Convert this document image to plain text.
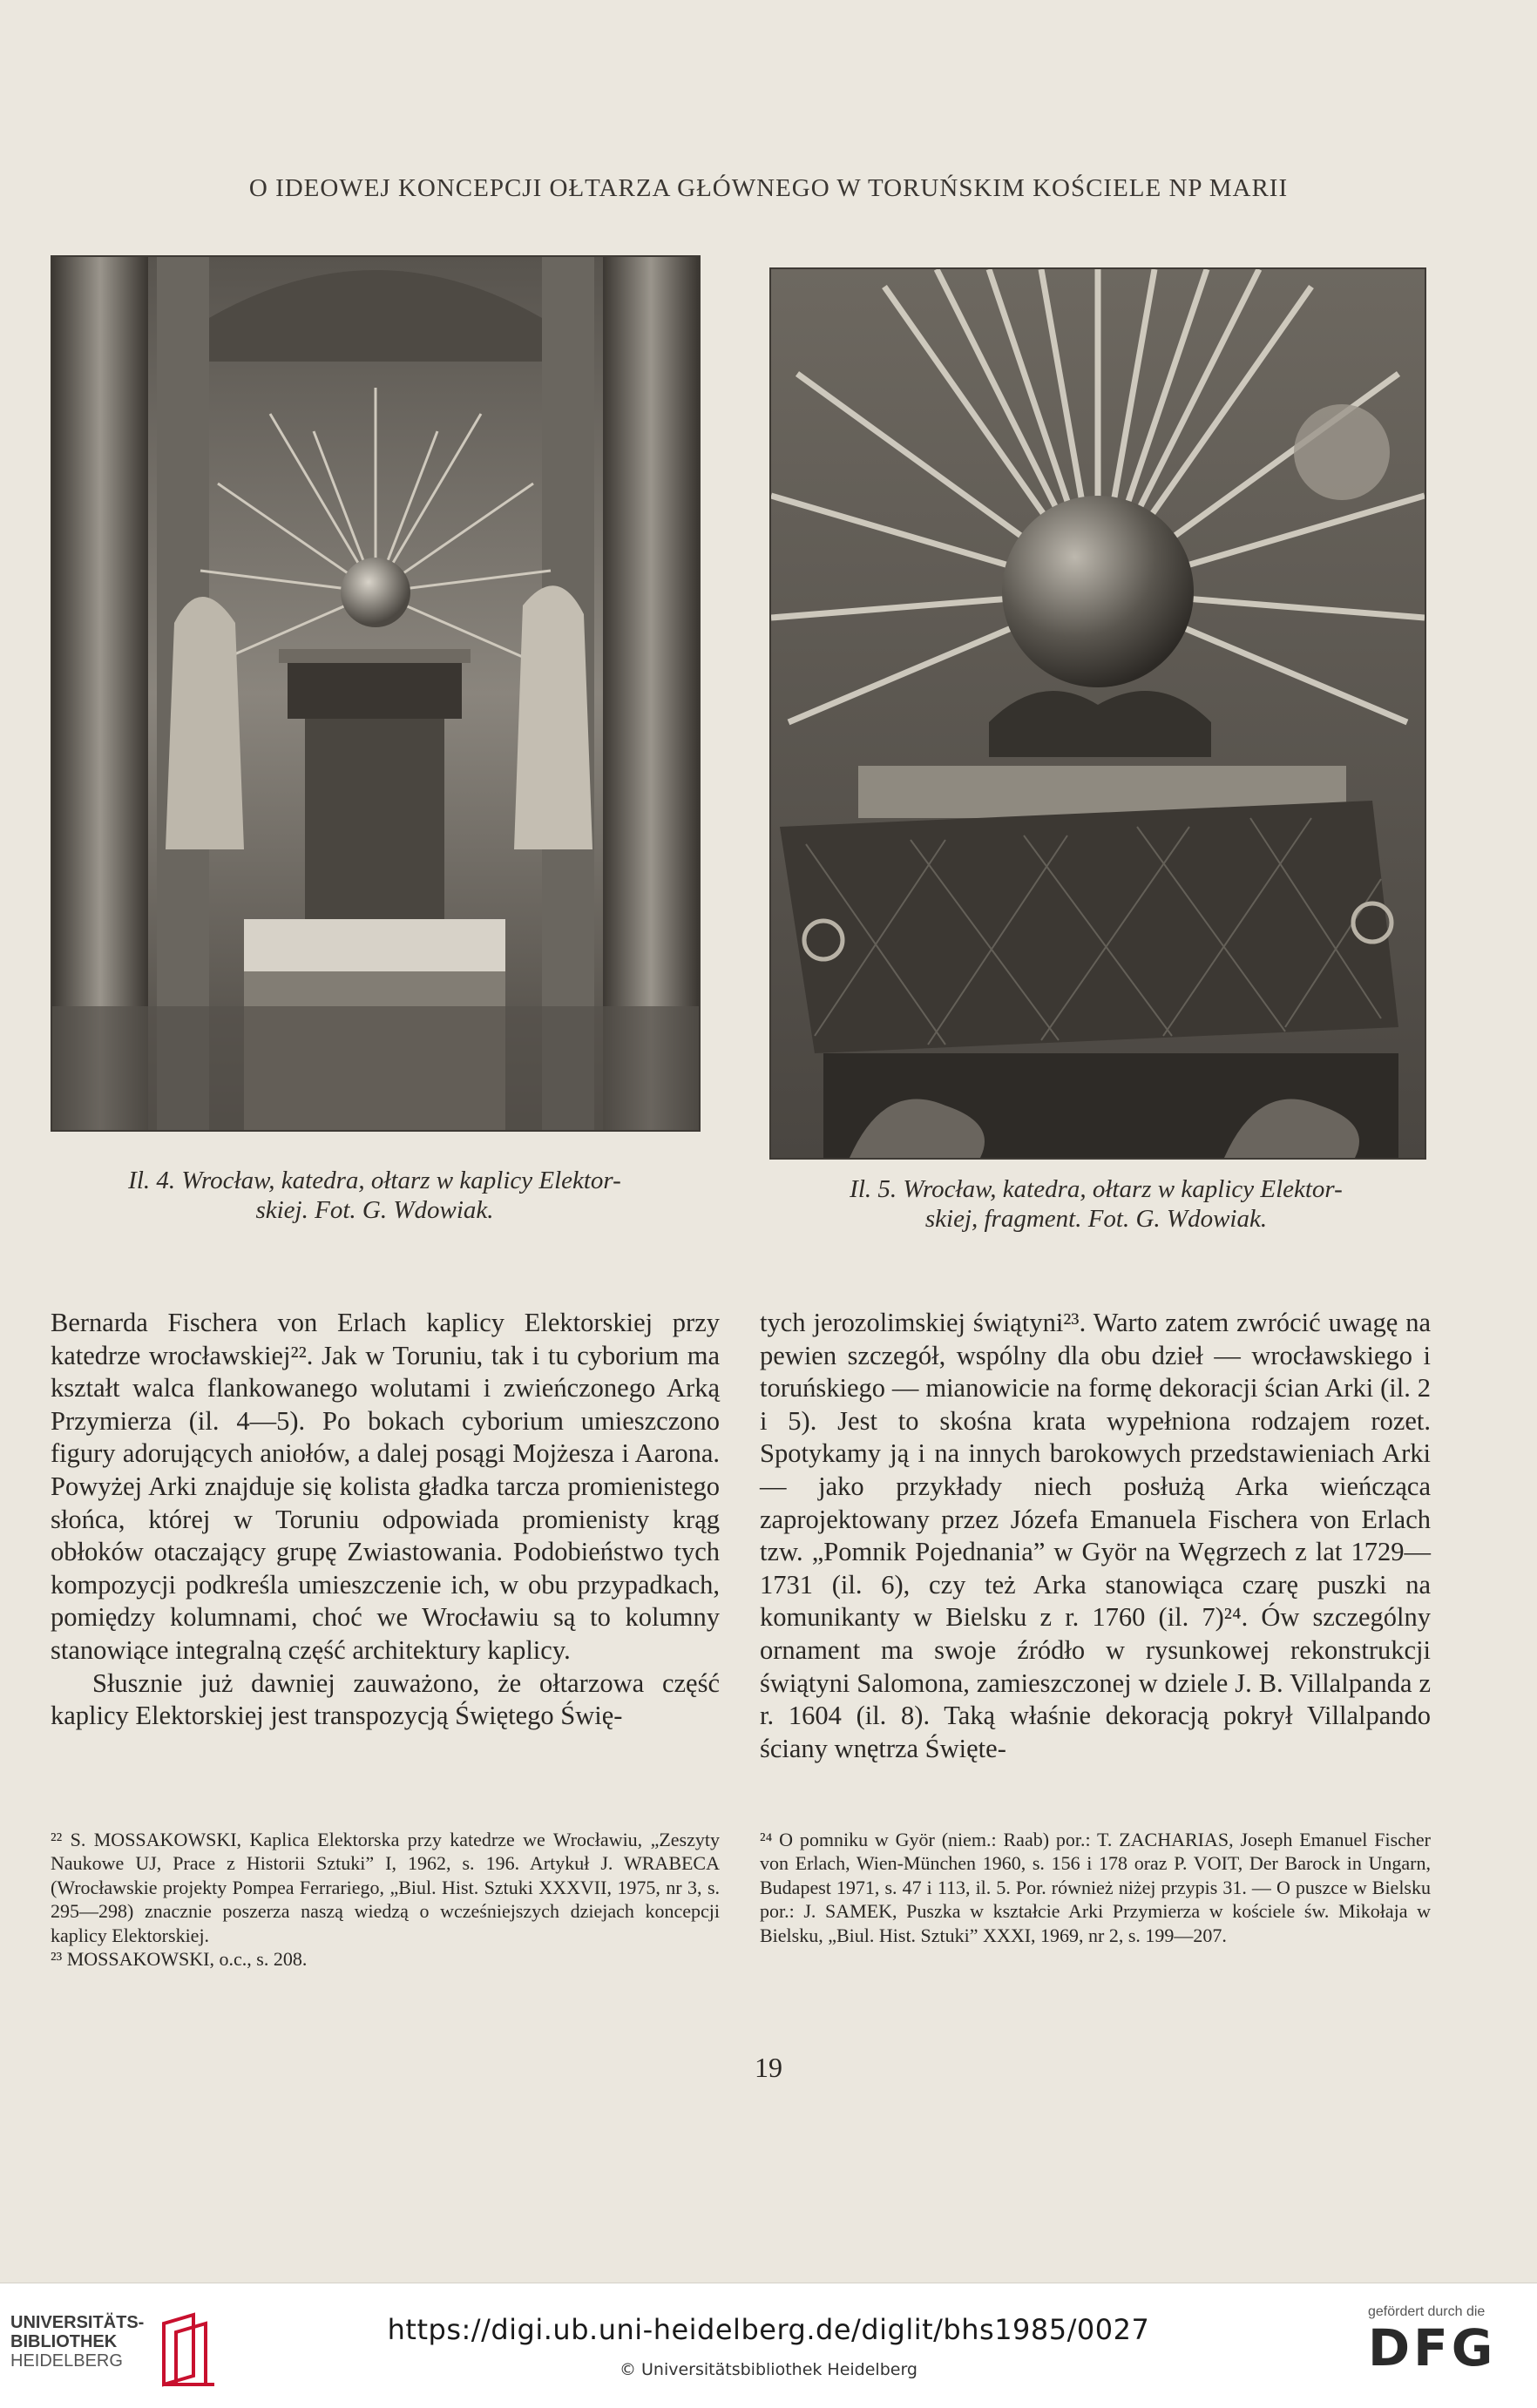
O IDEOWEJ KONCEPCJI OŁTARZA GŁÓWNEGO W TORUŃSKIM KOŚCIELE NP MARII
Il. 4. Wrocław, katedra, ołtarz w kaplicy Elektor-
skiej. Fot. G. Wdowiak.
Il. 5. Wrocław, katedra, ołtarz w kaplicy Elektor-
skiej, fragment. Fot. G. Wdowiak.

Bernarda Fischera von Erlach kaplicy Elektorskiej przy katedrze wrocławskiej²². Jak w Toruniu, tak i tu cyborium ma kształt walca flankowanego wolutami i zwieńczonego Arką Przymierza (il. 4—5). Po bokach cyborium umieszczono figury adorujących aniołów, a dalej posągi Mojżesza i Aarona. Powyżej Arki znajduje się kolista gładka tarcza promienistego słońca, której w Toruniu odpowiada promienisty krąg obłoków otaczający grupę Zwiastowania. Podobieństwo tych kompozycji podkreśla umieszczenie ich, w obu przypadkach, pomiędzy kolumnami, choć we Wrocławiu są to kolumny stanowiące integralną część architektury kaplicy.

Słusznie już dawniej zauważono, że ołtarzowa część kaplicy Elektorskiej jest transpozycją Świętego Świę-

tych jerozolimskiej świątyni²³. Warto zatem zwrócić uwagę na pewien szczegół, wspólny dla obu dzieł — wrocławskiego i toruńskiego — mianowicie na formę dekoracji ścian Arki (il. 2 i 5). Jest to skośna krata wypełniona rodzajem rozet. Spotykamy ją i na innych barokowych przedstawieniach Arki — jako przykłady niech posłużą Arka wieńcząca zaprojektowany przez Józefa Emanuela Fischera von Erlach tzw. „Pomnik Pojednania” w Györ na Węgrzech z lat 1729—1731 (il. 6), czy też Arka stanowiąca czarę puszki na komunikanty w Bielsku z r. 1760 (il. 7)²⁴. Ów szczególny ornament ma swoje źródło w rysunkowej rekonstrukcji świątyni Salomona, zamieszczonej w dziele J. B. Villalpanda z r. 1604 (il. 8). Taką właśnie dekoracją pokrył Villalpando ściany wnętrza Święte-

²² S. MOSSAKOWSKI, Kaplica Elektorska przy katedrze we Wrocławiu, „Zeszyty Naukowe UJ, Prace z Historii Sztuki” I, 1962, s. 196. Artykuł J. WRABECA (Wrocławskie projekty Pompea Ferrariego, „Biul. Hist. Sztuki XXXVII, 1975, nr 3, s. 295—298) znacznie poszerza naszą wiedzą o wcześniejszych dziejach koncepcji kaplicy Elektorskiej.

²³ MOSSAKOWSKI, o.c., s. 208.

²⁴ O pomniku w Györ (niem.: Raab) por.: T. ZACHARIAS, Joseph Emanuel Fischer von Erlach, Wien-München 1960, s. 156 i 178 oraz P. VOIT, Der Barock in Ungarn, Budapest 1971, s. 47 i 113, il. 5. Por. również niżej przypis 31. — O puszce w Bielsku por.: J. SAMEK, Puszka w kształcie Arki Przymierza w kościele św. Mikołaja w Bielsku, „Biul. Hist. Sztuki” XXXI, 1969, nr 2, s. 199—207.

19
UNIVERSITÄTS-
BIBLIOTHEK
HEIDELBERG
https://digi.ub.uni-heidelberg.de/diglit/bhs1985/0027
© Universitätsbibliothek Heidelberg
gefördert durch die
DFG
